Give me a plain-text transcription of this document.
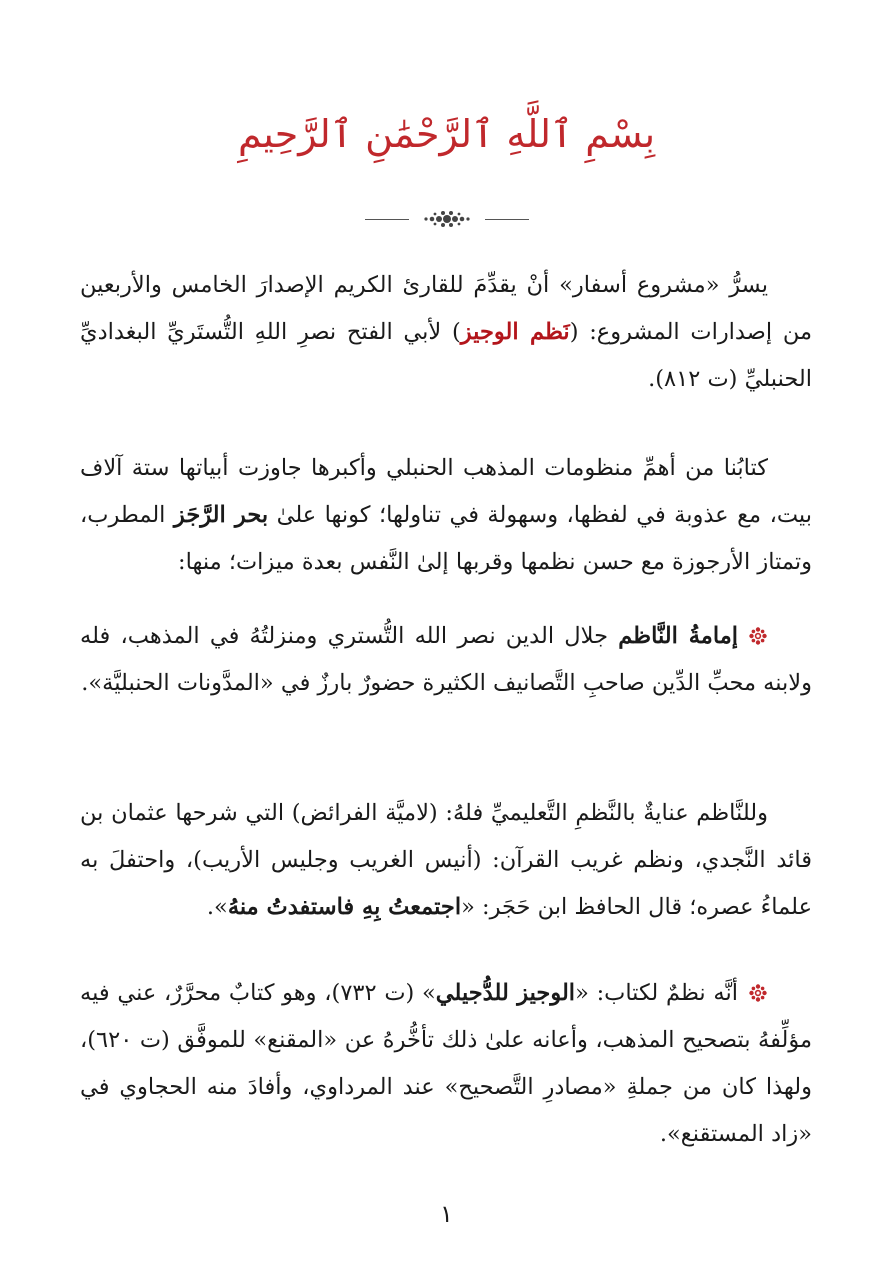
بِسْمِ ٱللَّهِ ٱلرَّحْمَٰنِ ٱلرَّحِيمِ

يسرُّ «مشروع أسفار» أنْ يقدِّمَ للقارئ الكريم الإصدارَ الخامس والأربعين من إصدارات المشروع: (نَظم الوجيز) لأبي الفتح نصرِ اللهِ التُّستَريِّ البغداديِّ الحنبليِّ (ت ٨١٢).

كتابُنا من أهمِّ منظومات المذهب الحنبلي وأكبرها جاوزت أبياتها ستة آلاف بيت، مع عذوبة في لفظها، وسهولة في تناولها؛ كونها علىٰ بحر الرَّجَز المطرب، وتمتاز الأرجوزة مع حسن نظمها وقربها إلىٰ النَّفس بعدة ميزات؛ منها:

إمامةُ النَّاظم جلال الدين نصر الله التُّستري ومنزلتُهُ في المذهب، فله ولابنه محبِّ الدِّين صاحبِ التَّصانيف الكثيرة حضورٌ بارزٌ في «المدَّونات الحنبليَّة».

وللنَّاظم عنايةٌ بالنَّظمِ التَّعليميِّ فلهُ: (لاميَّة الفرائض) التي شرحها عثمان بن قائد النَّجدي، ونظم غريب القرآن: (أنيس الغريب وجليس الأريب)، واحتفلَ به علماءُ عصره؛ قال الحافظ ابن حَجَر: «اجتمعتُ بِهِ فاستفدتُ منهُ».

أنَّه نظمٌ لكتاب: «الوجيز للدُّجيلي» (ت ٧٣٢)، وهو كتابٌ محرَّرٌ، عني فيه مؤلِّفهُ بتصحيح المذهب، وأعانه علىٰ ذلك تأخُّرهُ عن «المقنع» للموفَّق (ت ٦٢٠)، ولهذا كان من جملةِ «مصادرِ التَّصحيح» عند المرداوي، وأفادَ منه الحجاوي في «زاد المستقنع».

١
